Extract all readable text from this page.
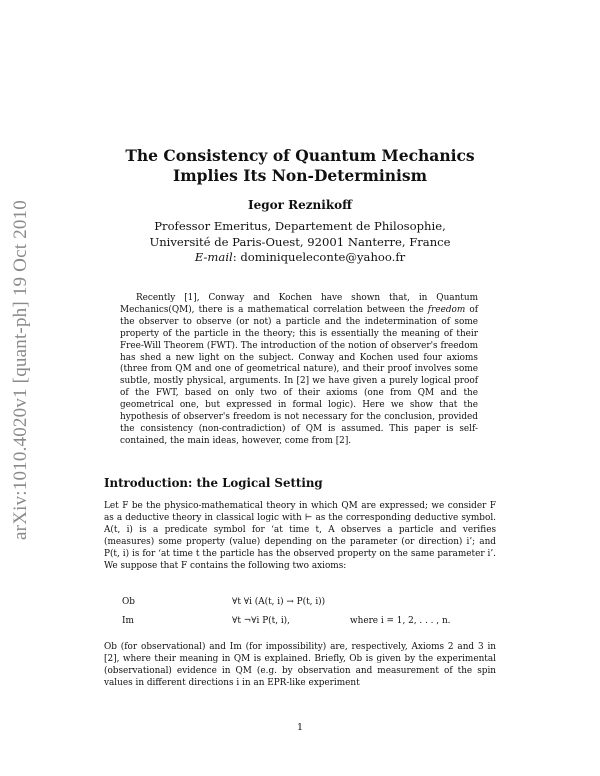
arXiv:1010.4020v1 [quant-ph] 19 Oct 2010
The Consistency of Quantum Mechanics
Implies Its Non-Determinism
Iegor Reznikoff
Professor Emeritus, Departement de Philosophie,
Université de Paris-Ouest, 92001 Nanterre, France
E-mail: dominiqueleconte@yahoo.fr
Recently [1], Conway and Kochen have shown that, in Quantum Mechanics(QM), there is a mathematical correlation between the freedom of the observer to observe (or not) a particle and the indetermination of some property of the particle in the theory; this is essentially the meaning of their Free-Will Theorem (FWT). The introduction of the notion of observer's freedom has shed a new light on the subject. Conway and Kochen used four axioms (three from QM and one of geometrical nature), and their proof involves some subtle, mostly physical, arguments. In [2] we have given a purely logical proof of the FWT, based on only two of their axioms (one from QM and the geometrical one, but expressed in formal logic). Here we show that the hypothesis of observer's freedom is not necessary for the conclusion, provided the consistency (non-contradiction) of QM is assumed. This paper is self-contained, the main ideas, however, come from [2].
Introduction: the Logical Setting
Let F be the physico-mathematical theory in which QM are expressed; we consider F as a deductive theory in classical logic with ⊢ as the corresponding deductive symbol. A(t, i) is a predicate symbol for ‘at time t, A observes a particle and verifies (measures) some property (value) depending on the parameter (or direction) i’; and P(t, i) is for ‘at time t the particle has the observed property on the same parameter i’. We suppose that F contains the following two axioms:
Ob	∀t ∀i (A(t, i) → P(t, i))
Im	∀t ¬∀i P(t, i),	where i = 1, 2, . . . , n.
Ob (for observational) and Im (for impossibility) are, respectively, Axioms 2 and 3 in [2], where their meaning in QM is explained. Briefly, Ob is given by the experimental (observational) evidence in QM (e.g. by observation and measurement of the spin values in different directions i in an EPR-like experiment
1
